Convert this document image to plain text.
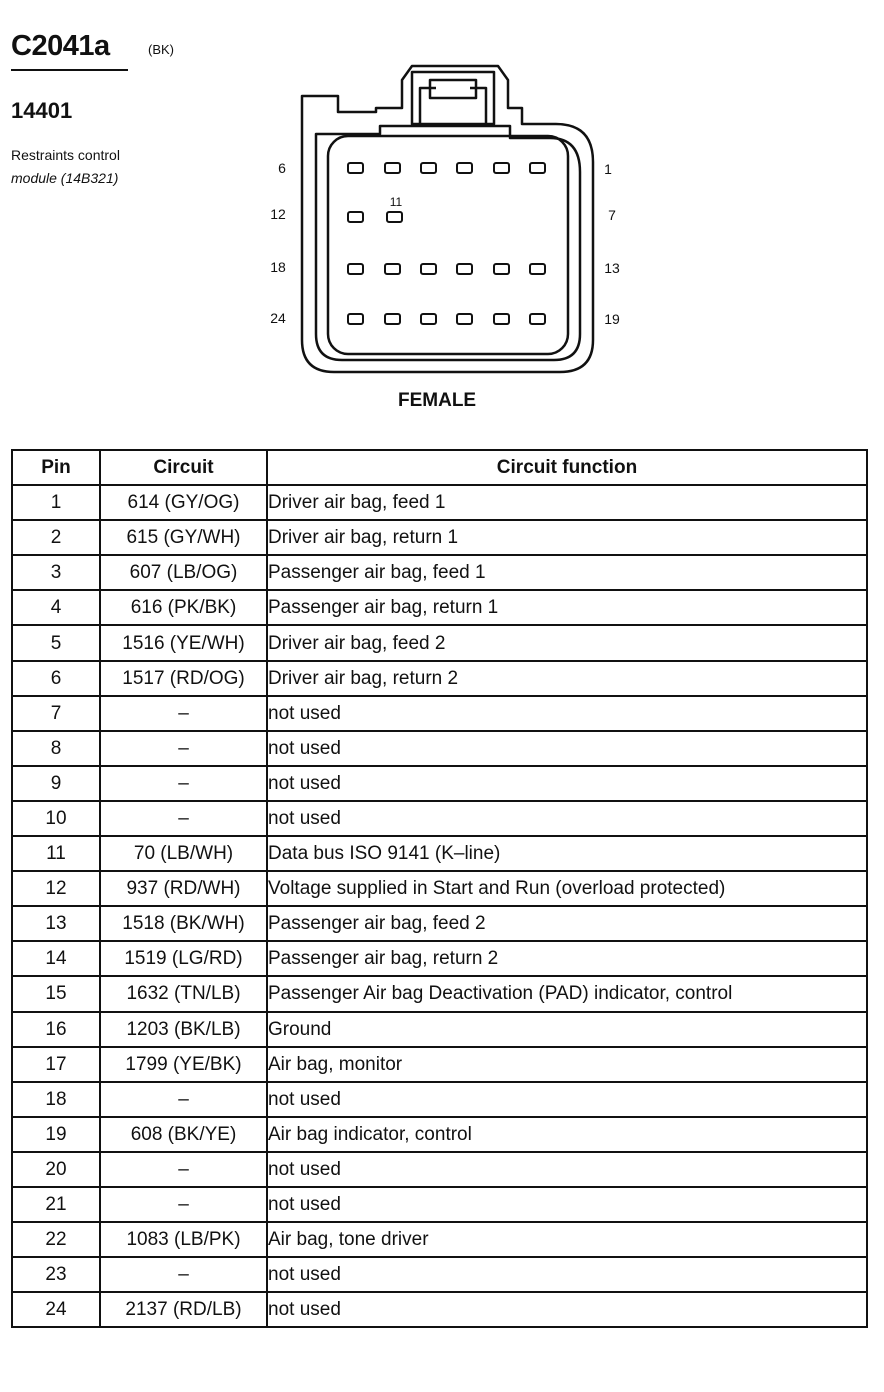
C2041a	(BK)
14401
Restraints control
module (14B321)
6
12
18
24
1
7
13
19
11
FEMALE
Pin	Circuit	Circuit function
1	614 (GY/OG)	Driver air bag, feed 1
2	615 (GY/WH)	Driver air bag, return 1
3	607 (LB/OG)	Passenger air bag, feed 1
4	616 (PK/BK)	Passenger air bag, return 1
5	1516 (YE/WH)	Driver air bag, feed 2
6	1517 (RD/OG)	Driver air bag, return 2
7	–	not used
8	–	not used
9	–	not used
10	–	not used
11	70 (LB/WH)	Data bus ISO 9141 (K–line)
12	937 (RD/WH)	Voltage supplied in Start and Run (overload protected)
13	1518 (BK/WH)	Passenger air bag, feed 2
14	1519 (LG/RD)	Passenger air bag, return 2
15	1632 (TN/LB)	Passenger Air bag Deactivation (PAD) indicator, control
16	1203 (BK/LB)	Ground
17	1799 (YE/BK)	Air bag, monitor
18	–	not used
19	608 (BK/YE)	Air bag indicator, control
20	–	not used
21	–	not used
22	1083 (LB/PK)	Air bag, tone driver
23	–	not used
24	2137 (RD/LB)	not used
